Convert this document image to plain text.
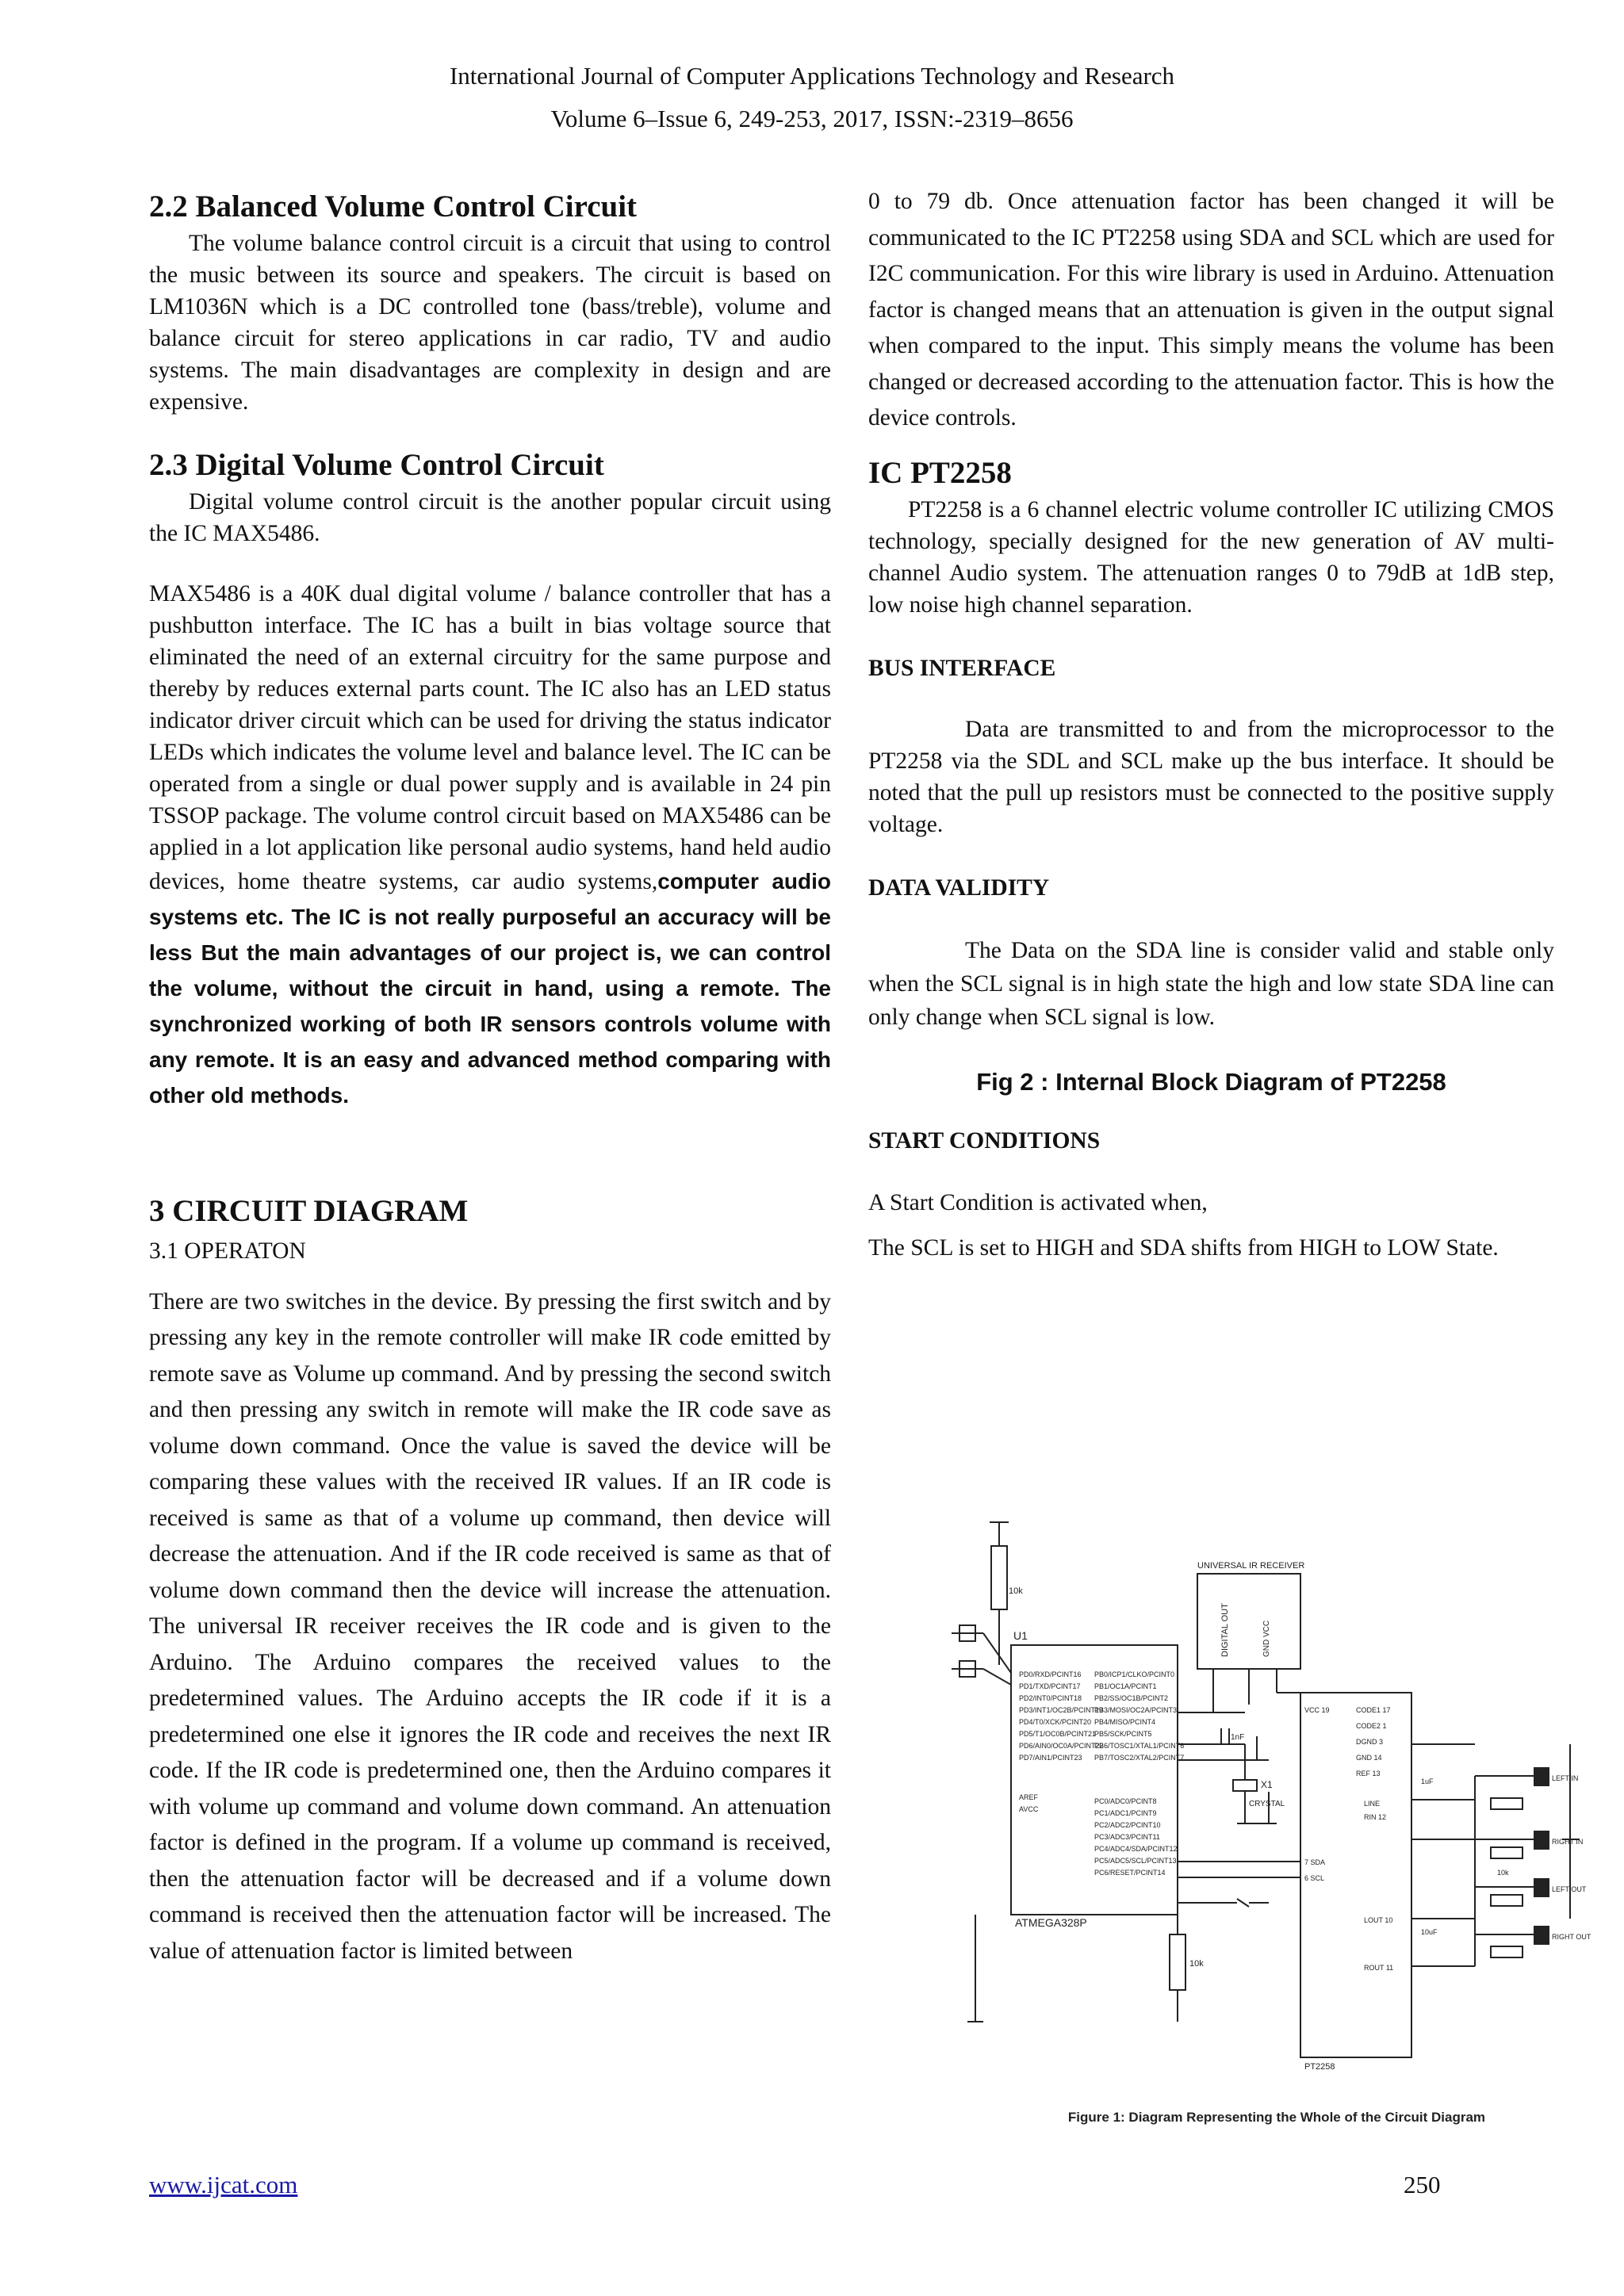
International Journal of Computer Applications Technology and Research
Volume 6–Issue 6, 249-253, 2017, ISSN:-2319–8656
2.2 Balanced Volume Control Circuit

The volume balance control circuit is a circuit that using to control the music between its source and speakers. The circuit is based on LM1036N which is a DC controlled tone (bass/treble), volume and balance circuit for stereo applications in car radio, TV and audio systems. The main disadvantages are complexity in design and are expensive.

2.3 Digital Volume Control Circuit

Digital volume control circuit is the another popular circuit using the IC MAX5486.

MAX5486 is a 40K dual digital volume / balance controller that has a pushbutton interface. The IC has a built in bias voltage source that eliminated the need of an external circuitry for the same purpose and thereby by reduces external parts count. The IC also has an LED status indicator driver circuit which can be used for driving the status indicator LEDs which indicates the volume level and balance level. The IC can be operated from a single or dual power supply and is available in 24 pin TSSOP package. The volume control circuit based on MAX5486 can be applied in a lot application like personal audio systems, hand held audio devices, home theatre systems, car audio systems,computer audio systems etc. The IC is not really purposeful an accuracy will be less But the main advantages of our project is, we can control the volume, without the circuit in hand, using a remote. The synchronized working of both IR sensors controls volume with any remote. It is an easy and advanced method comparing with other old methods.

3 CIRCUIT DIAGRAM

3.1 OPERATON

There are two switches in the device. By pressing the first switch and by pressing any key in the remote controller will make IR code emitted by remote save as Volume up command. And by pressing the second switch and then pressing any switch in remote will make the IR code save as volume down command. Once the value is saved the device will be comparing these values with the received IR values. If an IR code is received is same as that of a volume up command, then device will decrease the attenuation. And if the IR code received is same as that of volume down command then the device will increase the attenuation. The universal IR receiver receives the IR code and is given to the Arduino. The Arduino compares the received values to the predetermined values. The Arduino accepts the IR code if it is a predetermined one else it ignores the IR code and receives the next IR code. If the IR code is predetermined one, then the Arduino compares it with volume up command and volume down command. An attenuation factor is defined in the program. If a volume up command is received, then the attenuation factor will be decreased and if a volume down command is received then the attenuation factor will be increased. The value of attenuation factor is limited between

0 to 79 db. Once attenuation factor has been changed it will be communicated to the IC PT2258 using SDA and SCL which are used for I2C communication. For this wire library is used in Arduino. Attenuation factor is changed means that an attenuation is given in the output signal when compared to the input. This simply means the volume has been changed or decreased according to the attenuation factor. This is how the device controls.

IC PT2258

PT2258 is a 6 channel electric volume controller IC utilizing CMOS technology, specially designed for the new generation of AV multi-channel Audio system. The attenuation ranges 0 to 79dB at 1dB step, low noise high channel separation.

BUS INTERFACE

Data are transmitted to and from the microprocessor to the PT2258 via the SDL and SCL make up the bus interface. It should be noted that the pull up resistors must be connected to the positive supply voltage.

DATA VALIDITY

The Data on the SDA line is consider valid and stable only when the SCL signal is in high state the high and low state SDA line can only change when SCL signal is low.

Fig 2 : Internal Block Diagram of PT2258

START CONDITIONS

A Start Condition is activated when,

The SCL is set to HIGH and SDA shifts from HIGH to LOW State.

U1
ATMEGA328P
PD0/RXD/PCINT16
PD1/TXD/PCINT17
PD2/INT0/PCINT18
PD3/INT1/OC2B/PCINT19
PD4/T0/XCK/PCINT20
PD5/T1/OC0B/PCINT21
PD6/AIN0/OC0A/PCINT22
PD7/AIN1/PCINT23
AREF
AVCC
PB0/ICP1/CLKO/PCINT0
PB1/OC1A/PCINT1
PB2/SS/OC1B/PCINT2
PB3/MOSI/OC2A/PCINT3
PB4/MISO/PCINT4
PB5/SCK/PCINT5
PB6/TOSC1/XTAL1/PCINT6
PB7/TOSC2/XTAL2/PCINT7
PC0/ADC0/PCINT8
PC1/ADC1/PCINT9
PC2/ADC2/PCINT10
PC3/ADC3/PCINT11
PC4/ADC4/SDA/PCINT12
PC5/ADC5/SCL/PCINT13
PC6/RESET/PCINT14
UNIVERSAL IR RECEIVER
DIGITAL OUT	GND VCC
10k
10k
1nF
X1
CRYSTAL
PT2258
VCC 19	CODE1 17
CODE2 1
DGND 3
GND 14
REF 13
7 SDA
6 SCL
LINE
RIN 12
LOUT 10
ROUT 11
1uF
10uF
10k
LEFT IN
RIGHT IN
LEFT OUT
RIGHT OUT
Figure 1: Diagram Representing the Whole of the Circuit Diagram
www.ijcat.com	250
